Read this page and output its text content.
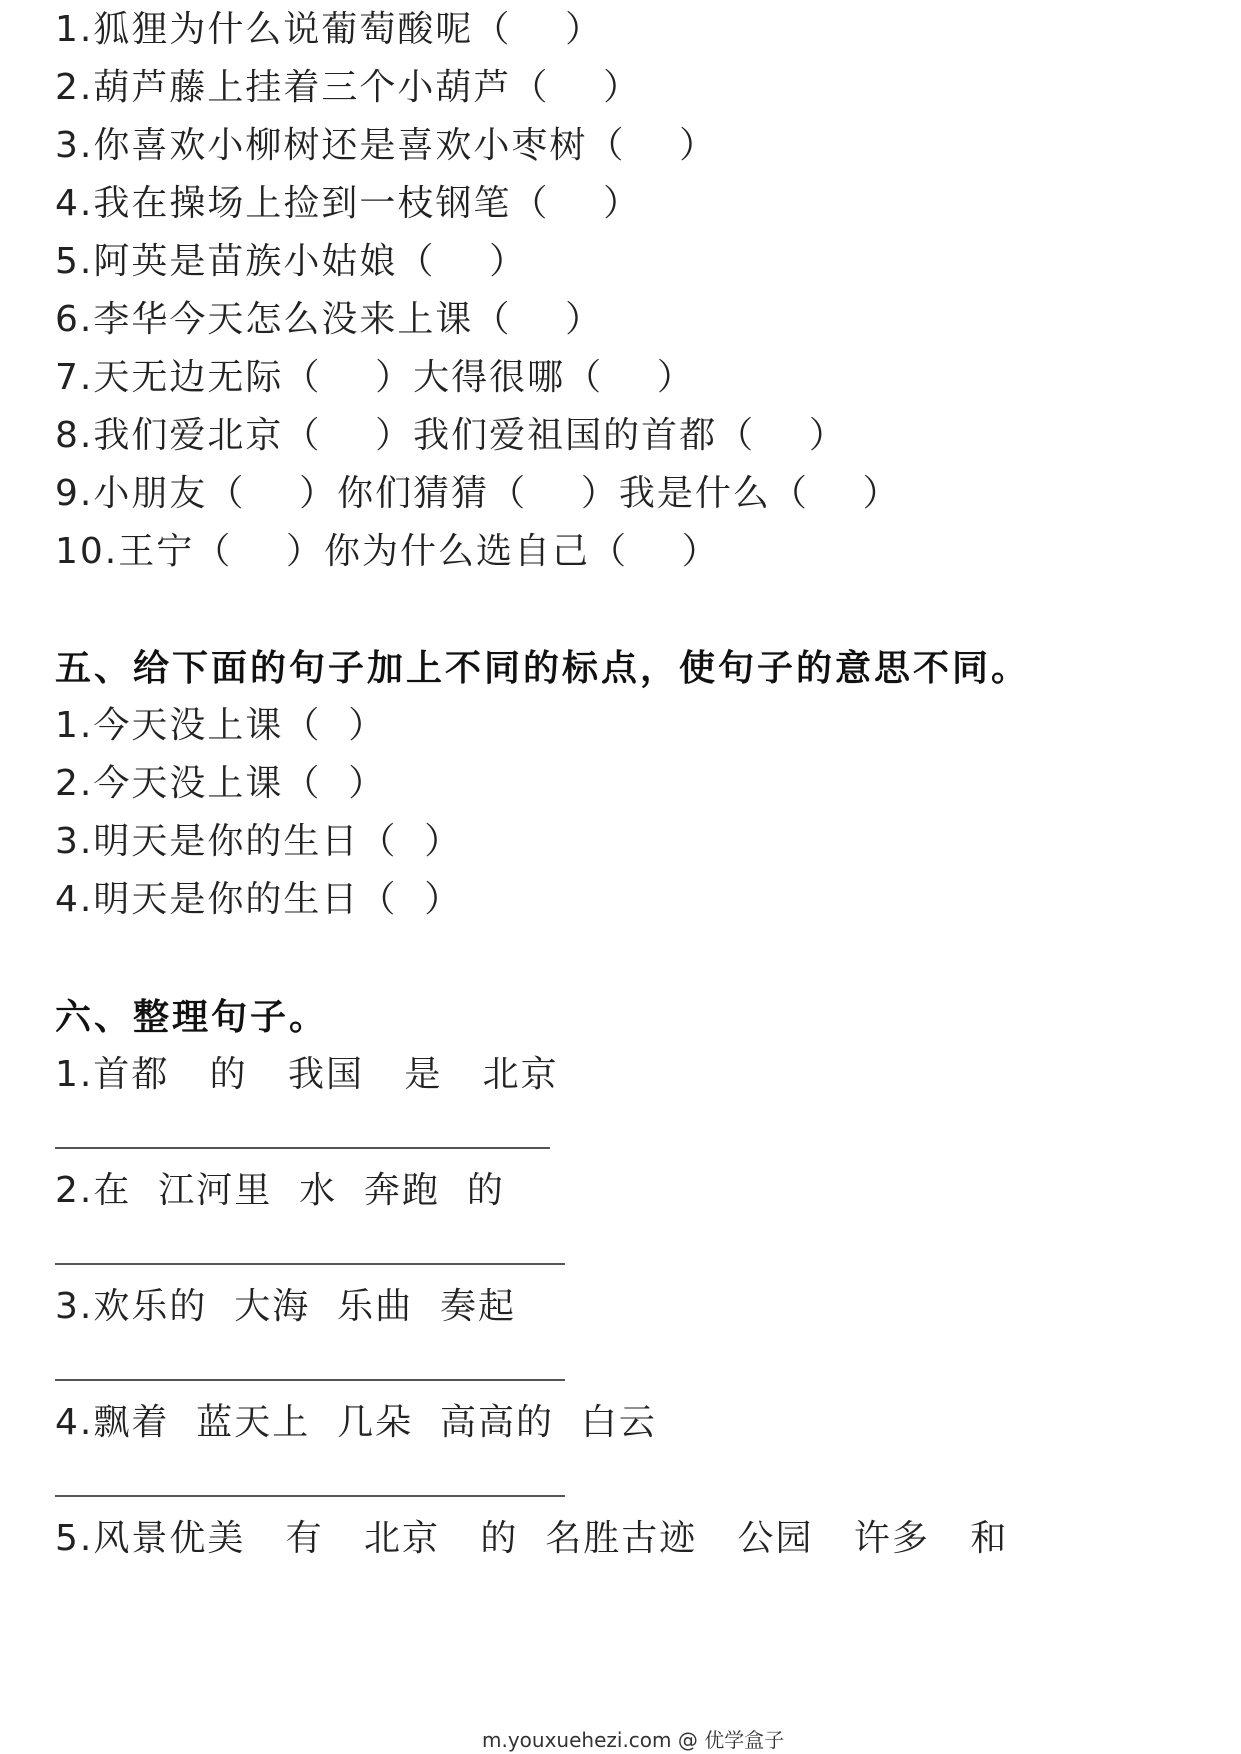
1.狐狸为什么说葡萄酸呢（    ）
2.葫芦藤上挂着三个小葫芦（    ）
3.你喜欢小柳树还是喜欢小枣树（    ）
4.我在操场上捡到一枝钢笔（    ）
5.阿英是苗族小姑娘（    ）
6.李华今天怎么没来上课（    ）
7.天无边无际（    ）大得很哪（    ）
8.我们爱北京（    ）我们爱祖国的首都（    ）
9.小朋友（    ）你们猜猜（    ）我是什么（    ）
10.王宁（    ）你为什么选自己（    ）
五、给下面的句子加上不同的标点，使句子的意思不同。
1.今天没上课（  ）
2.今天没上课（  ）
3.明天是你的生日（  ）
4.明天是你的生日（  ）
六、整理句子。
1.首都   的   我国   是   北京
2.在  江河里  水  奔跑  的
3.欢乐的  大海  乐曲  奏起
4.飘着  蓝天上  几朵  高高的  白云
5.风景优美   有   北京   的  名胜古迹   公园   许多   和
m.youxuehezi.com @ 优学盒子
